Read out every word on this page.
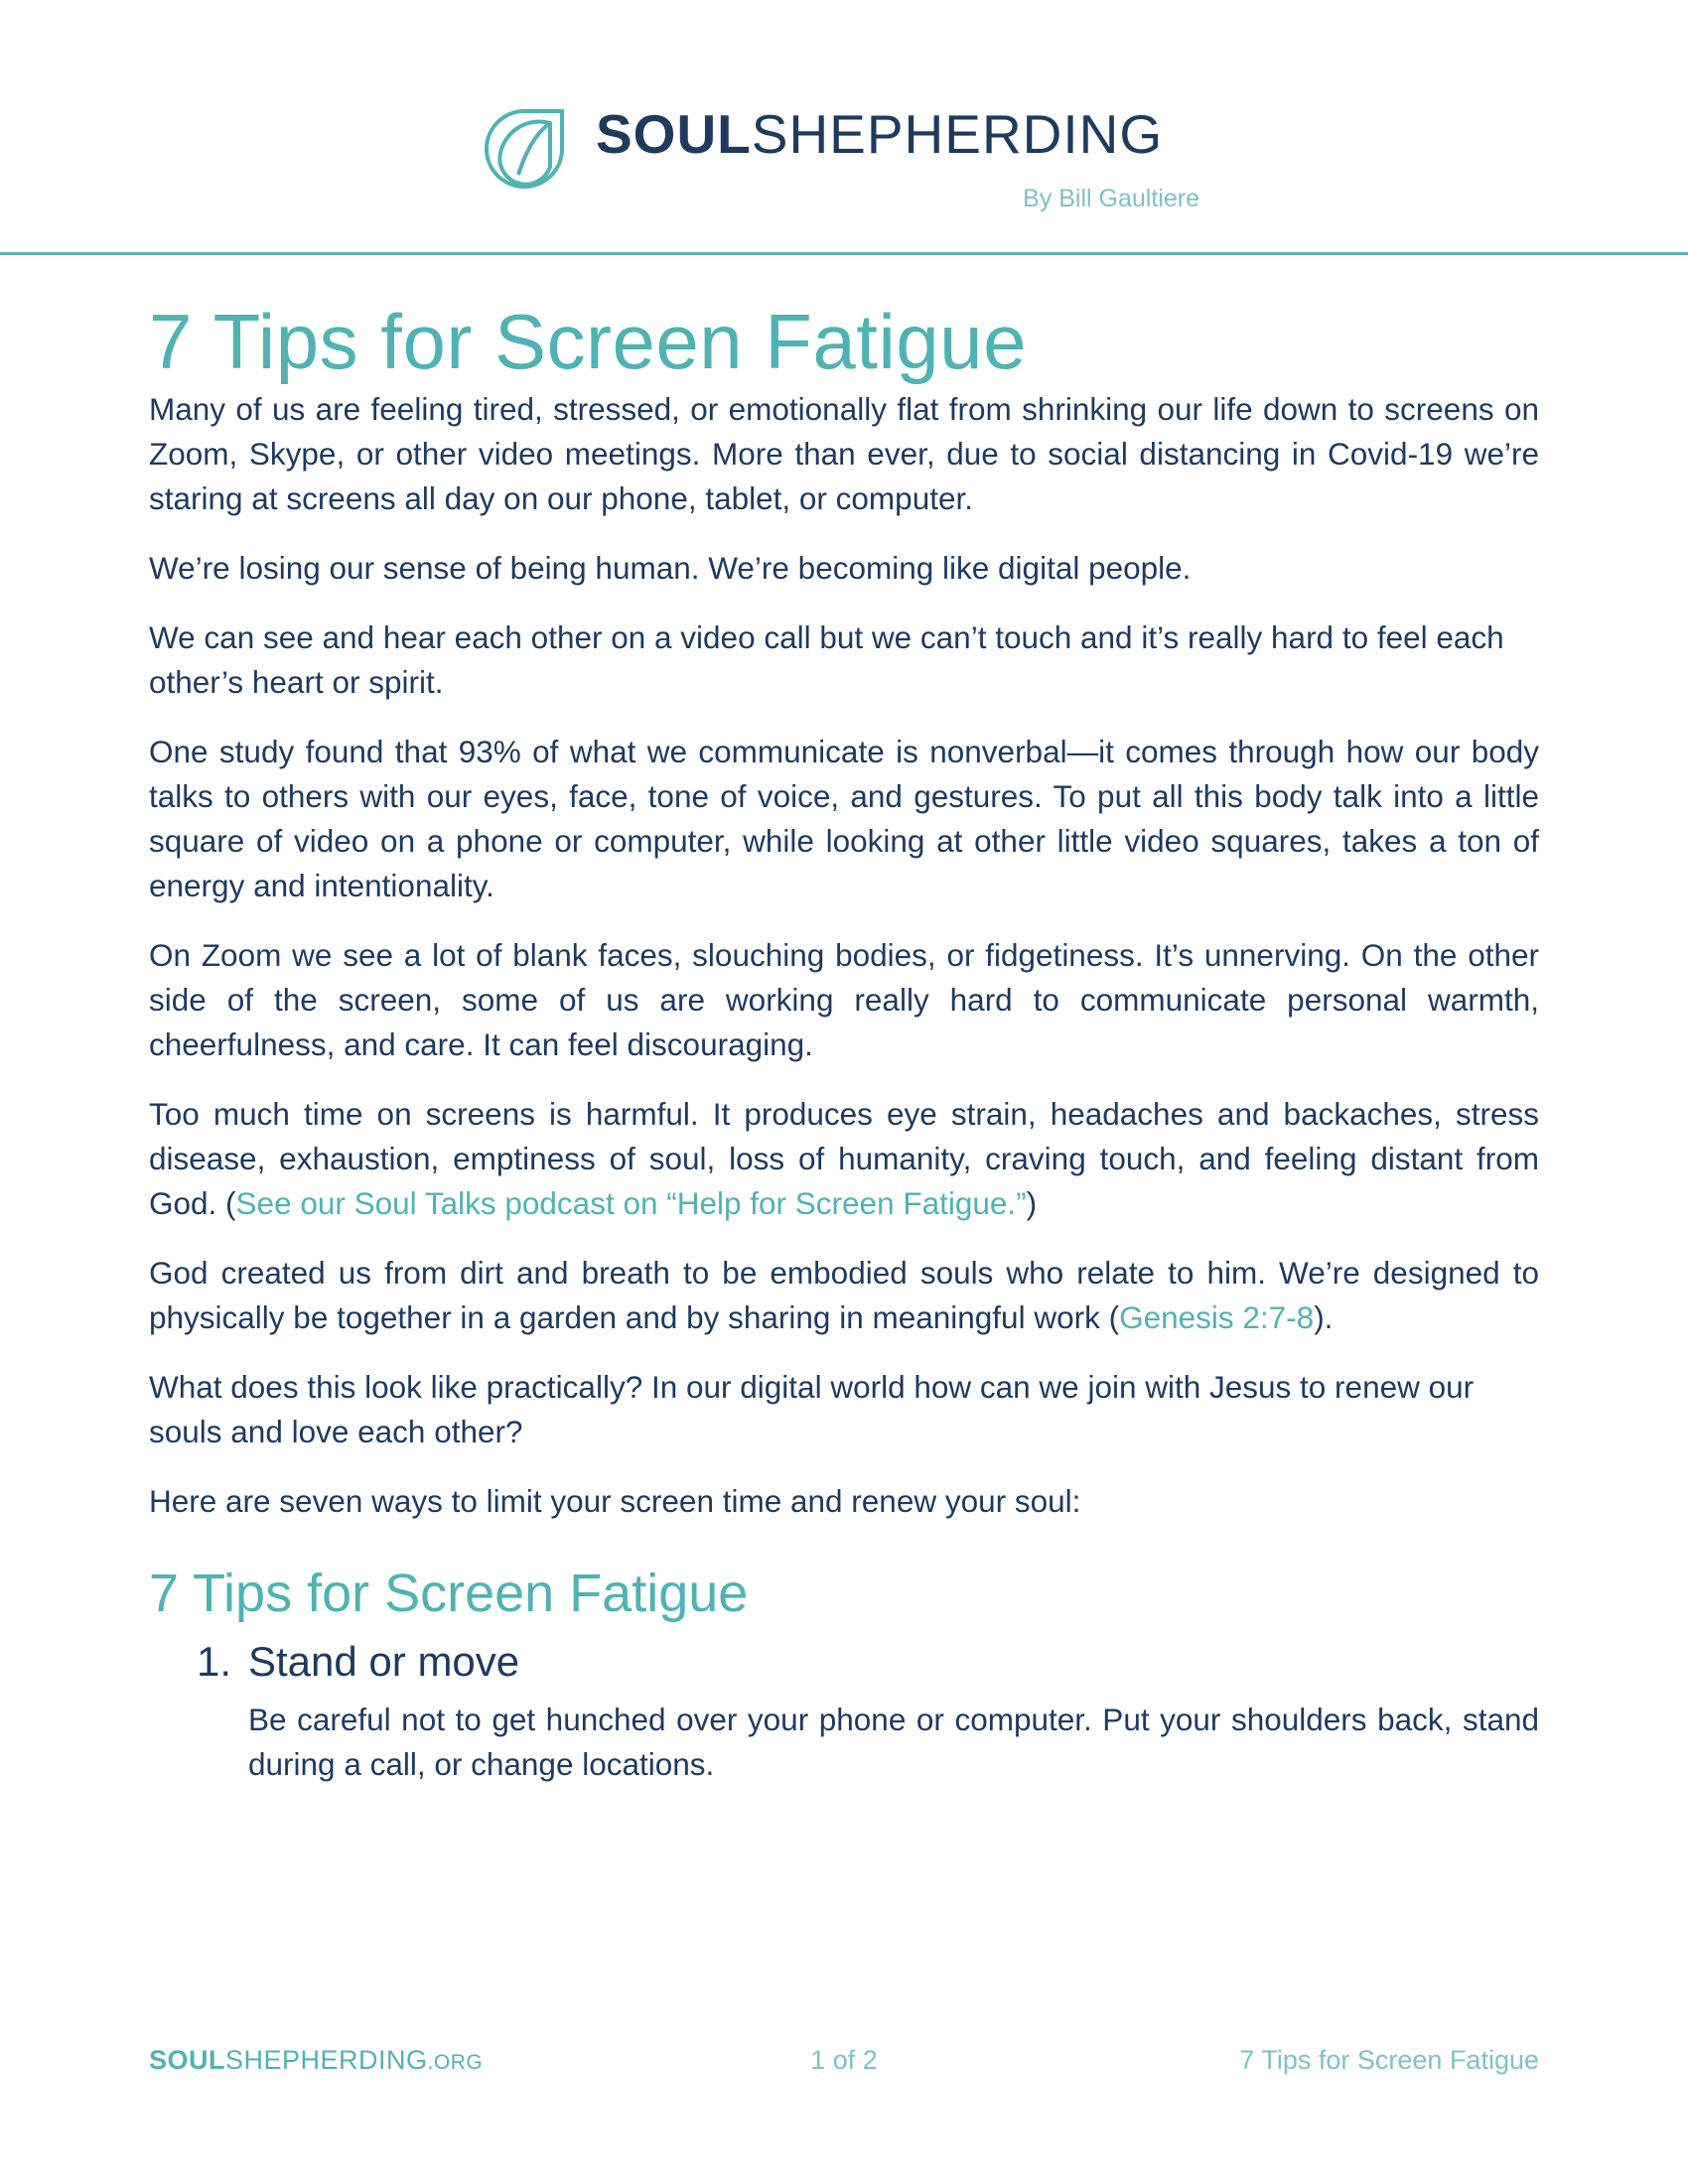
SOULSHEPHERDING
By Bill Gaultiere
7 Tips for Screen Fatigue

Many of us are feeling tired, stressed, or emotionally flat from shrinking our life down to screens on Zoom, Skype, or other video meetings. More than ever, due to social distancing in Covid-19 we’re staring at screens all day on our phone, tablet, or computer.

We’re losing our sense of being human. We’re becoming like digital people.

We can see and hear each other on a video call but we can’t touch and it’s really hard to feel each other’s heart or spirit.

One study found that 93% of what we communicate is nonverbal—it comes through how our body talks to others with our eyes, face, tone of voice, and gestures. To put all this body talk into a little square of video on a phone or computer, while looking at other little video squares, takes a ton of energy and intentionality.

On Zoom we see a lot of blank faces, slouching bodies, or fidgetiness. It’s unnerving. On the other side of the screen, some of us are working really hard to communicate personal warmth, cheerfulness, and care. It can feel discouraging.

Too much time on screens is harmful. It produces eye strain, headaches and backaches, stress disease, exhaustion, emptiness of soul, loss of humanity, craving touch, and feeling distant from God. (See our Soul Talks podcast on “Help for Screen Fatigue.”)

God created us from dirt and breath to be embodied souls who relate to him. We’re designed to physically be together in a garden and by sharing in meaningful work (Genesis 2:7-8).

What does this look like practically? In our digital world how can we join with Jesus to renew our souls and love each other?

Here are seven ways to limit your screen time and renew your soul:

7 Tips for Screen Fatigue
1. Stand or move

Be careful not to get hunched over your phone or computer. Put your shoulders back, stand during a call, or change locations.

SOULSHEPHERDING.ORG	1 of 2	7 Tips for Screen Fatigue
